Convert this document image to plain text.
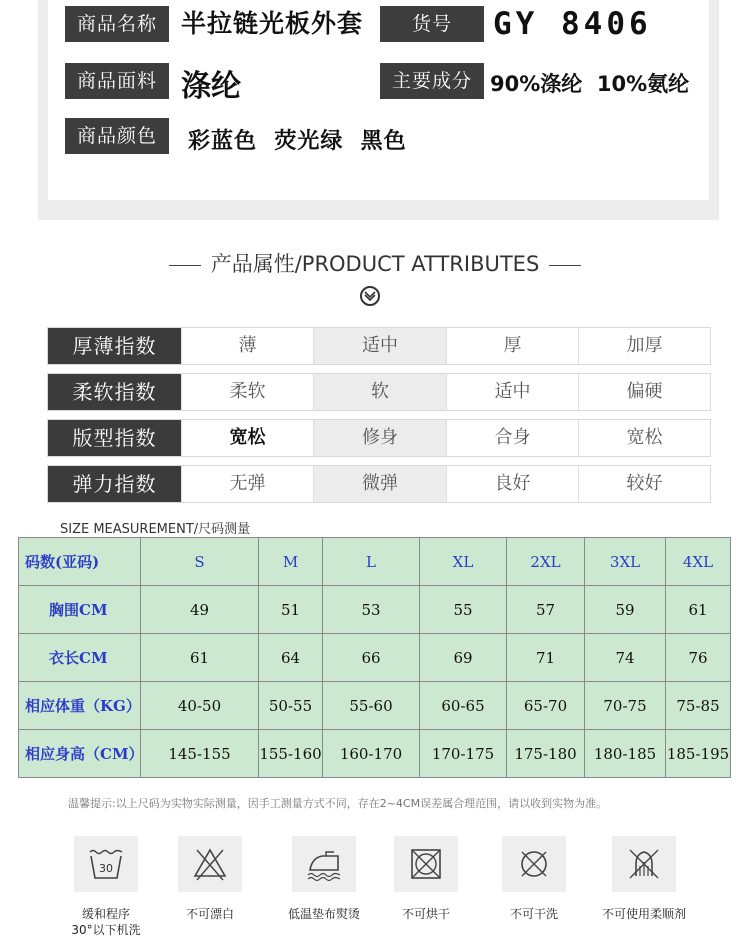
商品名称 半拉链光板外套	货号	GY 8406
商品面料 涤纶	主要成分 90%涤纶  10%氨纶
商品颜色	彩蓝色  荧光绿  黑色
产品属性/PRODUCT ATTRIBUTES
厚薄指数	薄	适中	厚	加厚
柔软指数	柔软	软	适中	偏硬
版型指数	宽松	修身	合身	宽松
弹力指数	无弹	微弹	良好	较好
SIZE MEASUREMENT/尺码测量
码数(亚码)	S	M	L	XL	2XL	3XL	4XL
胸围CM	49	51	53	55	57	59	61
衣长CM	61	64	66	69	71	74	76
相应体重（KG）	40-50	50-55	55-60	60-65	65-70	70-75	75-85
相应身高（CM）	145-155	155-160	160-170	170-175	175-180	180-185	185-195
温馨提示:以上尺码为实物实际测量，因手工测量方式不同，存在2~4CM误差属合理范围，请以收到实物为准。
30
缓和程序
30°以下机洗
不可漂白	低温垫布熨烫	不可烘干	不可干洗	不可使用柔顺剂
